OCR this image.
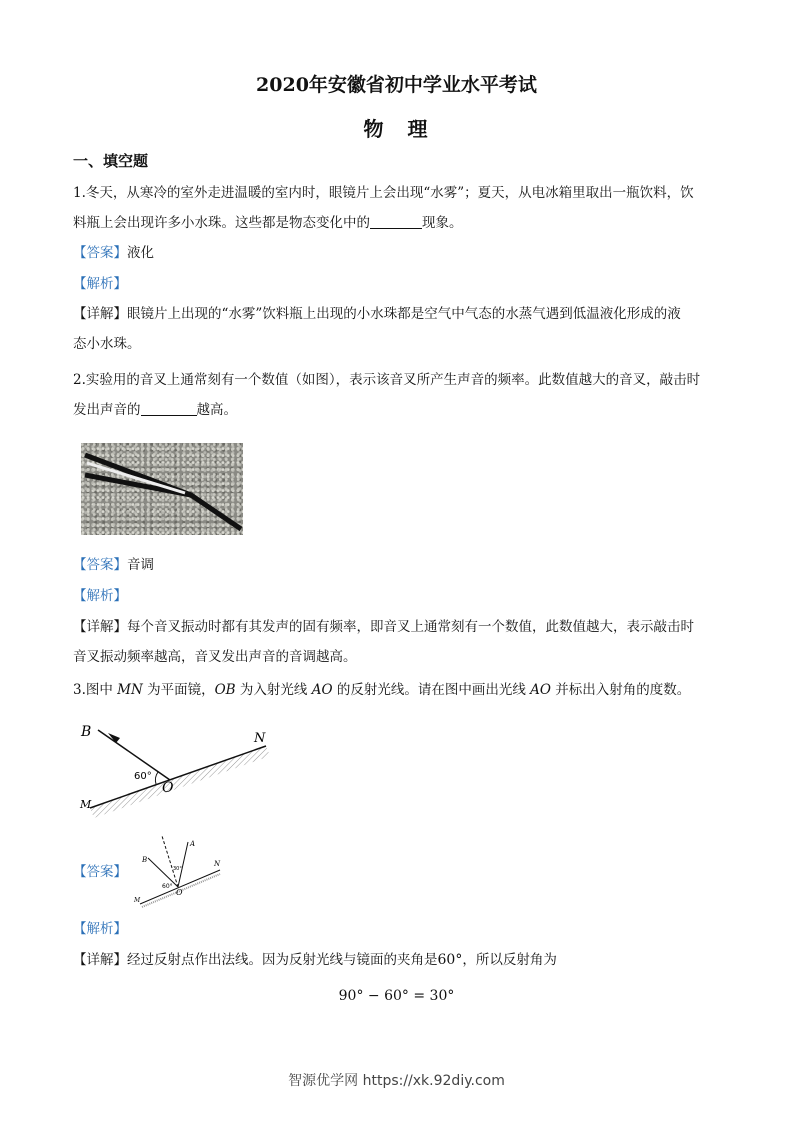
2020年安徽省初中学业水平考试
物 理
一、填空题
1.冬天，从寒冷的室外走进温暖的室内时，眼镜片上会出现“水雾”；夏天，从电冰箱里取出一瓶饮料，饮
料瓶上会出现许多小水珠。这些都是物态变化中的	现象。
【答案】液化
【解析】
【详解】眼镜片上出现的“水雾”饮料瓶上出现的小水珠都是空气中气态的水蒸气遇到低温液化形成的液
态小水珠。
2.实验用的音叉上通常刻有一个数值（如图），表示该音叉所产生声音的频率。此数值越大的音叉，敲击时
发出声音的	越高。
【答案】音调
【解析】
【详解】每个音叉振动时都有其发声的固有频率，即音叉上通常刻有一个数值，此数值越大，表示敲击时
音叉振动频率越高，音叉发出声音的音调越高。
3.图中 MN 为平面镜，OB 为入射光线 AO 的反射光线。请在图中画出光线 AO 并标出入射角的度数。
B	N
M
O
60°
【答案】
B
A
N
M
O
60°
30°
【解析】
【详解】经过反射点作出法线。因为反射光线与镜面的夹角是60°，所以反射角为
90° − 60° = 30°
智源优学网 https://xk.92diy.com
